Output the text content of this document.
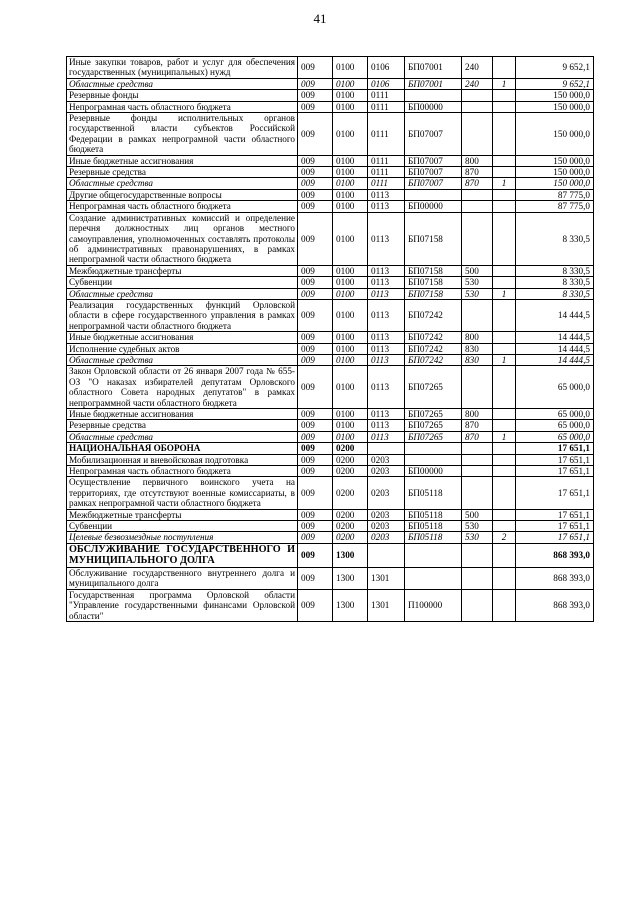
41
Иные закупки товаров, работ и услуг для обеспечения государственных (муниципальных) нужд	009	0100	0106	БП07001	240		9 652,1
Областные средства	009	0100	0106	БП07001	240	1	9 652,1
Резервные фонды	009	0100	0111				150 000,0
Непрограмная часть областного бюджета	009	0100	0111	БП00000			150 000,0
Резервные фонды исполнительных органов государственной власти субъектов Российской Федерации в рамках непрограмной части областного бюджета	009	0100	0111	БП07007			150 000,0
Иные бюджетные ассигнования	009	0100	0111	БП07007	800		150 000,0
Резервные средства	009	0100	0111	БП07007	870		150 000,0
Областные средства	009	0100	0111	БП07007	870	1	150 000,0
Другие общегосударственные вопросы	009	0100	0113				87 775,0
Непрограмная часть областного бюджета	009	0100	0113	БП00000			87 775,0
Создание административных комиссий и определение перечня должностных лиц органов местного самоуправления, уполномоченных составлять протоколы об административных правонарушениях, в рамках непрограмной части областного бюджета	009	0100	0113	БП07158			8 330,5
Межбюджетные трансферты	009	0100	0113	БП07158	500		8 330,5
Субвенции	009	0100	0113	БП07158	530		8 330,5
Областные средства	009	0100	0113	БП07158	530	1	8 330,5
Реализация государственных функций Орловской области в сфере государственного управления в рамках непрограмной части областного бюджета	009	0100	0113	БП07242			14 444,5
Иные бюджетные ассигнования	009	0100	0113	БП07242	800		14 444,5
Исполнение судебных актов	009	0100	0113	БП07242	830		14 444,5
Областные средства	009	0100	0113	БП07242	830	1	14 444,5
Закон Орловской области от 26 января 2007 года № 655-ОЗ "О наказах избирателей депутатам Орловского областного Совета народных депутатов" в рамках непрограммной части областного бюджета	009	0100	0113	БП07265			65 000,0
Иные бюджетные ассигнования	009	0100	0113	БП07265	800		65 000,0
Резервные средства	009	0100	0113	БП07265	870		65 000,0
Областные средства	009	0100	0113	БП07265	870	1	65 000,0
НАЦИОНАЛЬНАЯ ОБОРОНА	009	0200					17 651,1
Мобилизационная и вневойсковая подготовка	009	0200	0203				17 651,1
Непрограмная часть областного бюджета	009	0200	0203	БП00000			17 651,1
Осуществление первичного воинского учета на территориях, где отсутствуют военные комиссариаты, в рамках непрограмной части областного бюджета	009	0200	0203	БП05118			17 651,1
Межбюджетные трансферты	009	0200	0203	БП05118	500		17 651,1
Субвенции	009	0200	0203	БП05118	530		17 651,1
Целевые безвозмездные поступления	009	0200	0203	БП05118	530	2	17 651,1
ОБСЛУЖИВАНИЕ ГОСУДАРСТВЕННОГО И МУНИЦИПАЛЬНОГО ДОЛГА	009	1300					868 393,0
Обслуживание государственного внутреннего долга и муниципального долга	009	1300	1301				868 393,0
Государственная программа Орловской области "Управление государственными финансами Орловской области"	009	1300	1301	П100000			868 393,0
